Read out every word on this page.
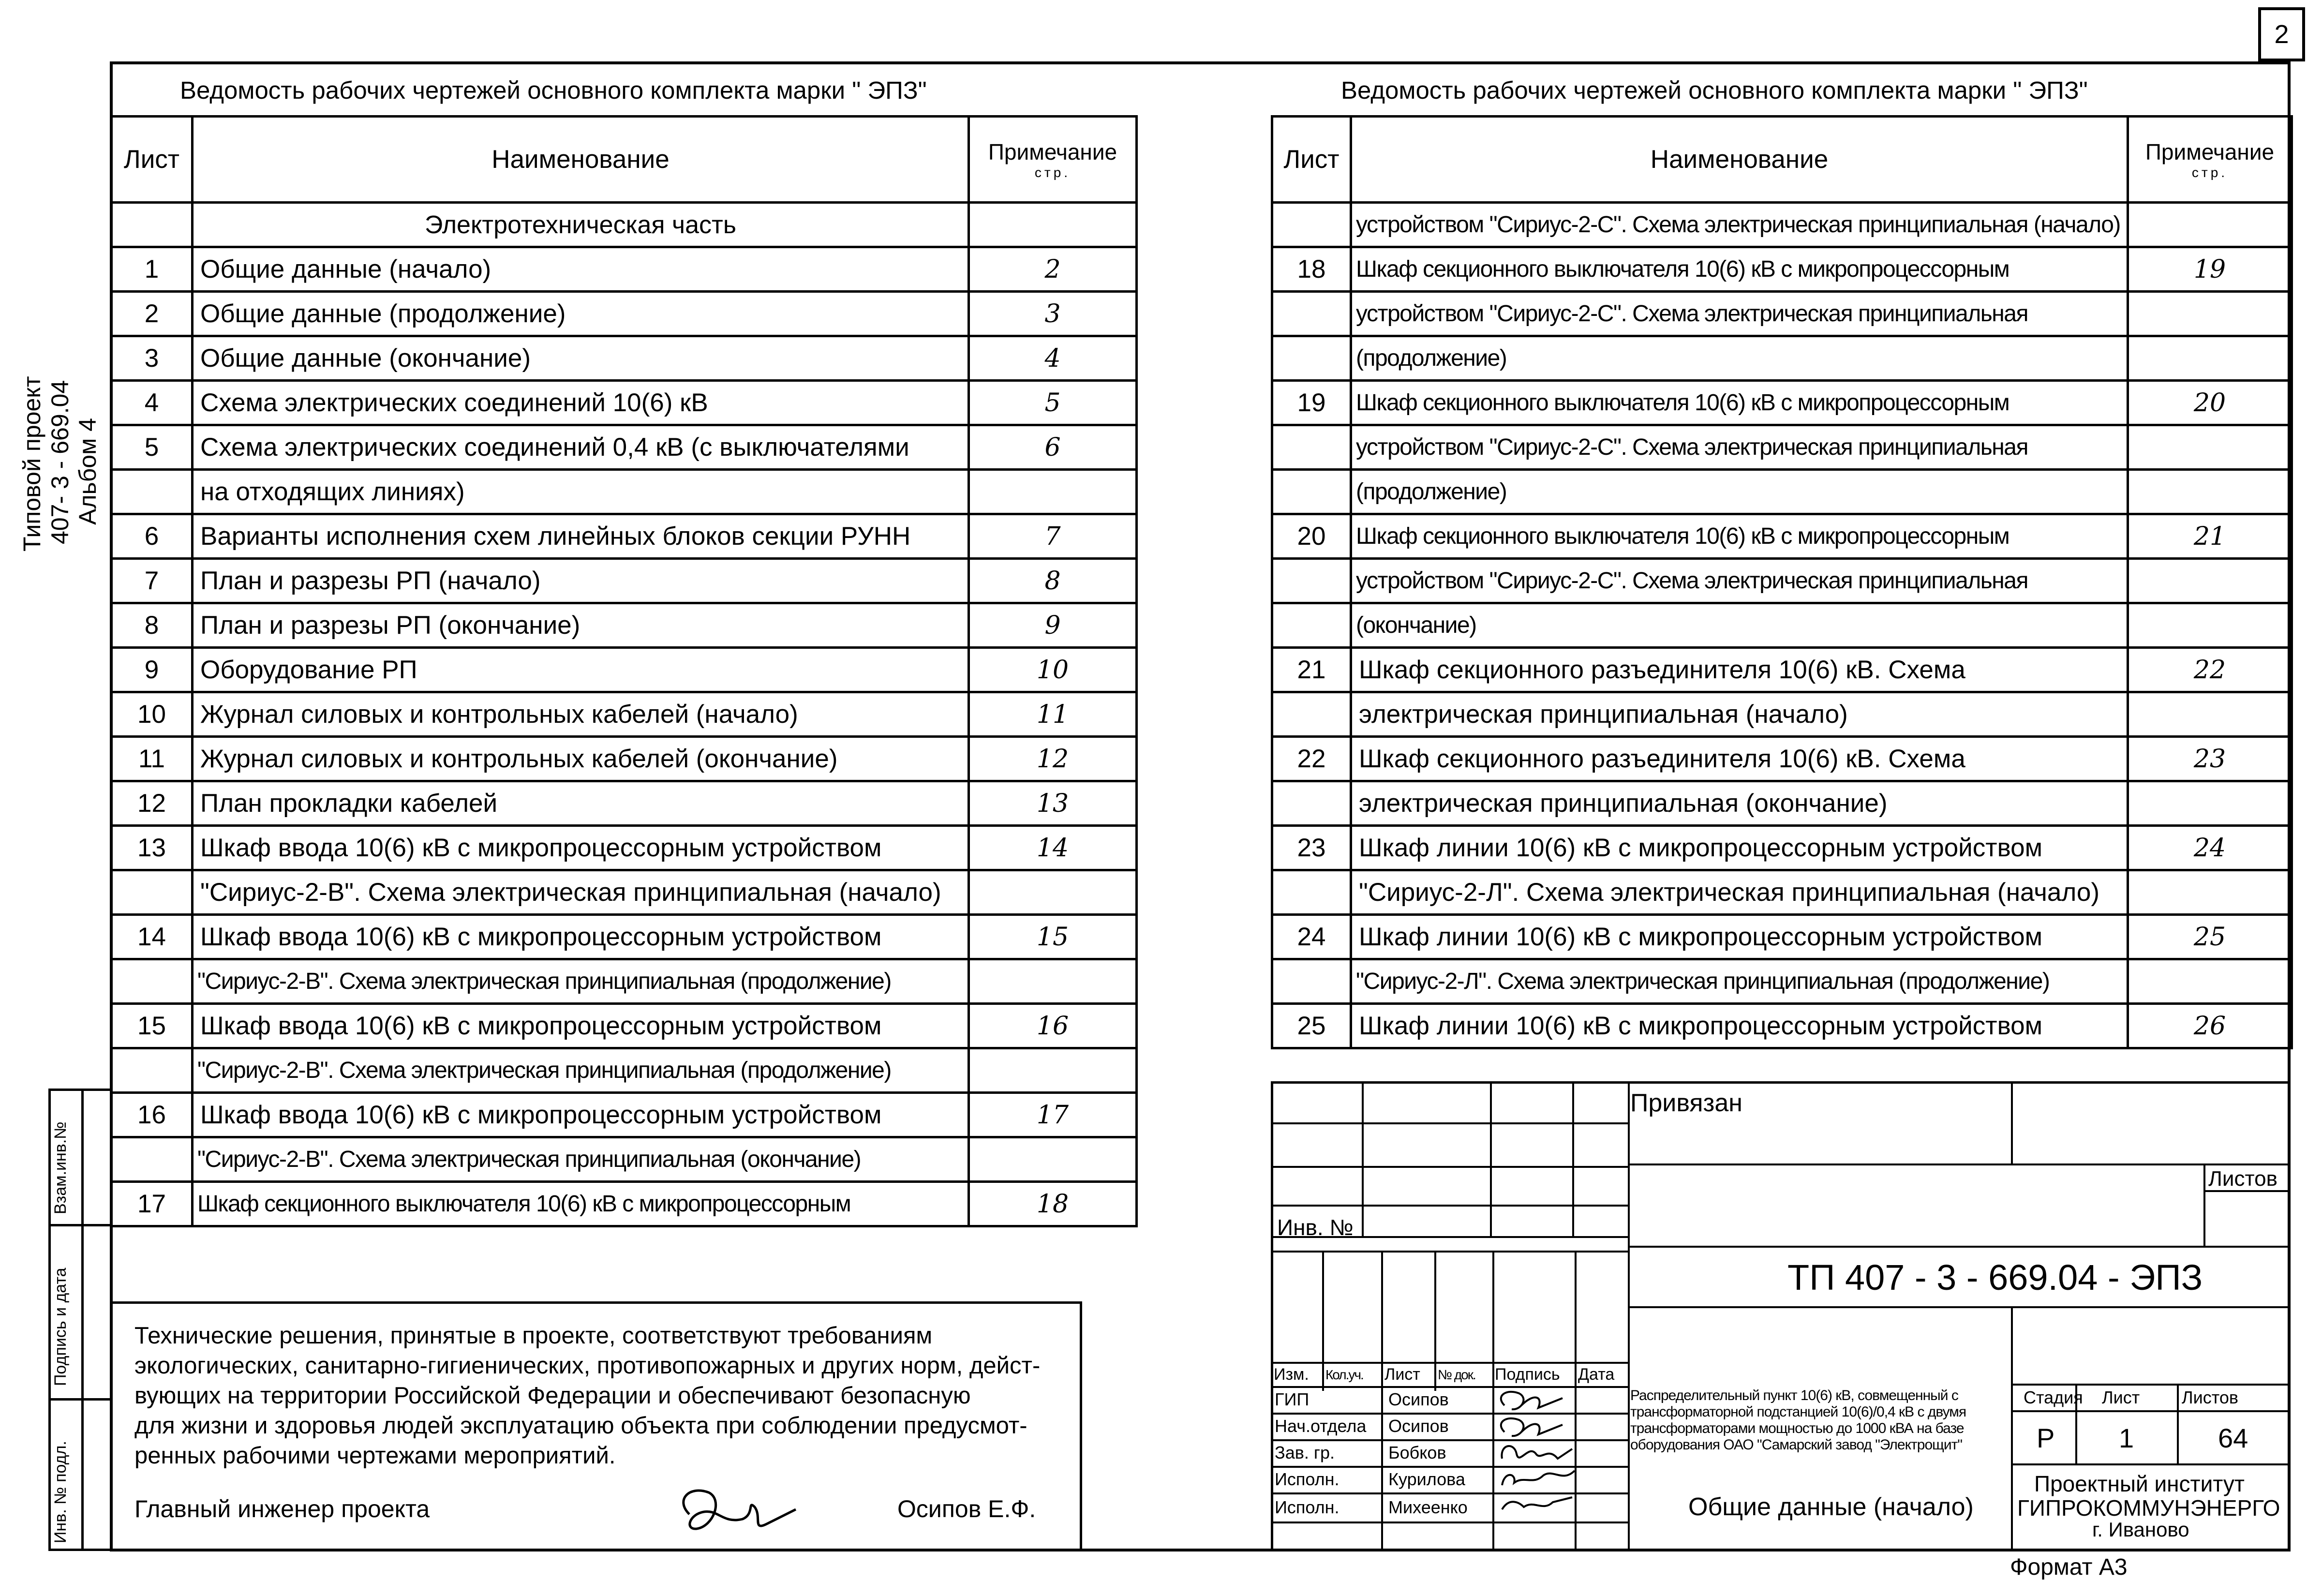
2
Типовой проект 407- 3 - 669.04 Альбом 4
Взам.инв.№
Подпись и дата
Инв. № подл.
Ведомость рабочих чертежей основного комплекта марки " ЭПЗ"	Ведомость рабочих чертежей основного комплекта марки " ЭПЗ"
Лист	Наименование	Примечание
стр.

	Электротехническая часть	
1	Общие данные (начало)	2
2	Общие данные (продолжение)	3
3	Общие данные (окончание)	4
4	Схема электрических соединений 10(6) кВ	5
5	Схема электрических соединений 0,4 кВ (с выключателями	6
	на отходящих линиях)	
6	Варианты исполнения схем линейных блоков секции РУНН	7
7	План и разрезы РП (начало)	8
8	План и разрезы РП (окончание)	9
9	Оборудование РП	10
10	Журнал силовых и контрольных кабелей (начало)	11
11	Журнал силовых и контрольных кабелей (окончание)	12
12	План прокладки кабелей	13
13	Шкаф ввода 10(6) кВ с микропроцессорным устройством	14
	"Сириус-2-В". Схема электрическая принципиальная (начало)	
14	Шкаф ввода 10(6) кВ с микропроцессорным устройством	15
	"Сириус-2-В". Схема электрическая принципиальная (продолжение)	
15	Шкаф ввода 10(6) кВ с микропроцессорным устройством	16
	"Сириус-2-В". Схема электрическая принципиальная (продолжение)	
16	Шкаф ввода 10(6) кВ с микропроцессорным устройством	17
	"Сириус-2-В". Схема электрическая принципиальная (окончание)	
17	Шкаф секционного выключателя 10(6) кВ с микропроцессорным	18
Лист	Наименование	Примечание
стр.

	устройством "Сириус-2-С". Схема электрическая принципиальная (начало)	
18	Шкаф секционного выключателя 10(6) кВ с микропроцессорным	19
	устройством "Сириус-2-С". Схема электрическая принципиальная	
	(продолжение)	
19	Шкаф секционного выключателя 10(6) кВ с микропроцессорным	20
	устройством "Сириус-2-С". Схема электрическая принципиальная	
	(продолжение)	
20	Шкаф секционного выключателя 10(6) кВ с микропроцессорным	21
	устройством "Сириус-2-С". Схема электрическая принципиальная	
	(окончание)	
21	Шкаф секционного разъединителя 10(6) кВ. Схема	22
	электрическая принципиальная (начало)	
22	Шкаф секционного разъединителя 10(6) кВ. Схема	23
	электрическая принципиальная (окончание)	
23	Шкаф линии 10(6) кВ с микропроцессорным устройством	24
	"Сириус-2-Л". Схема электрическая принципиальная (начало)	
24	Шкаф линии 10(6) кВ с микропроцессорным устройством	25
	"Сириус-2-Л". Схема электрическая принципиальная (продолжение)	
25	Шкаф линии 10(6) кВ с микропроцессорным устройством	26
Технические решения, принятые в проекте, соответствуют требованиям
экологических, санитарно-гигиенических, противопожарных и других норм, дейст-
вующих на территории Российской Федерации и обеспечивают безопасную
для жизни и здоровья людей эксплуатацию объекта при соблюдении предусмот-
ренных рабочими чертежами мероприятий.
Главный инженер проекта	Осипов Е.Ф.
Инв. №
Изм. Кол.уч. Лист № док. Подпись Дата
ГИП	Осипов
Нач.отдела Осипов
Зав. гр.	Бобков
Исполн.	Курилова
Исполн.	Михеенко
Привязан
Листов
ТП 407 - 3 - 669.04 - ЭПЗ
Распределительный пункт 10(6) кВ, совмещенный с
трансформаторной подстанцией 10(6)/0,4 кВ с двумя
трансформаторами мощностью до 1000 кВА на базе
оборудования ОАО "Самарский завод "Электрощит"
Общие данные (начало)
Стадия Лист Листов
Р 1	64
Проектный институт
ГИПРОКОММУНЭНЕРГО
г. Иваново
Формат А3
